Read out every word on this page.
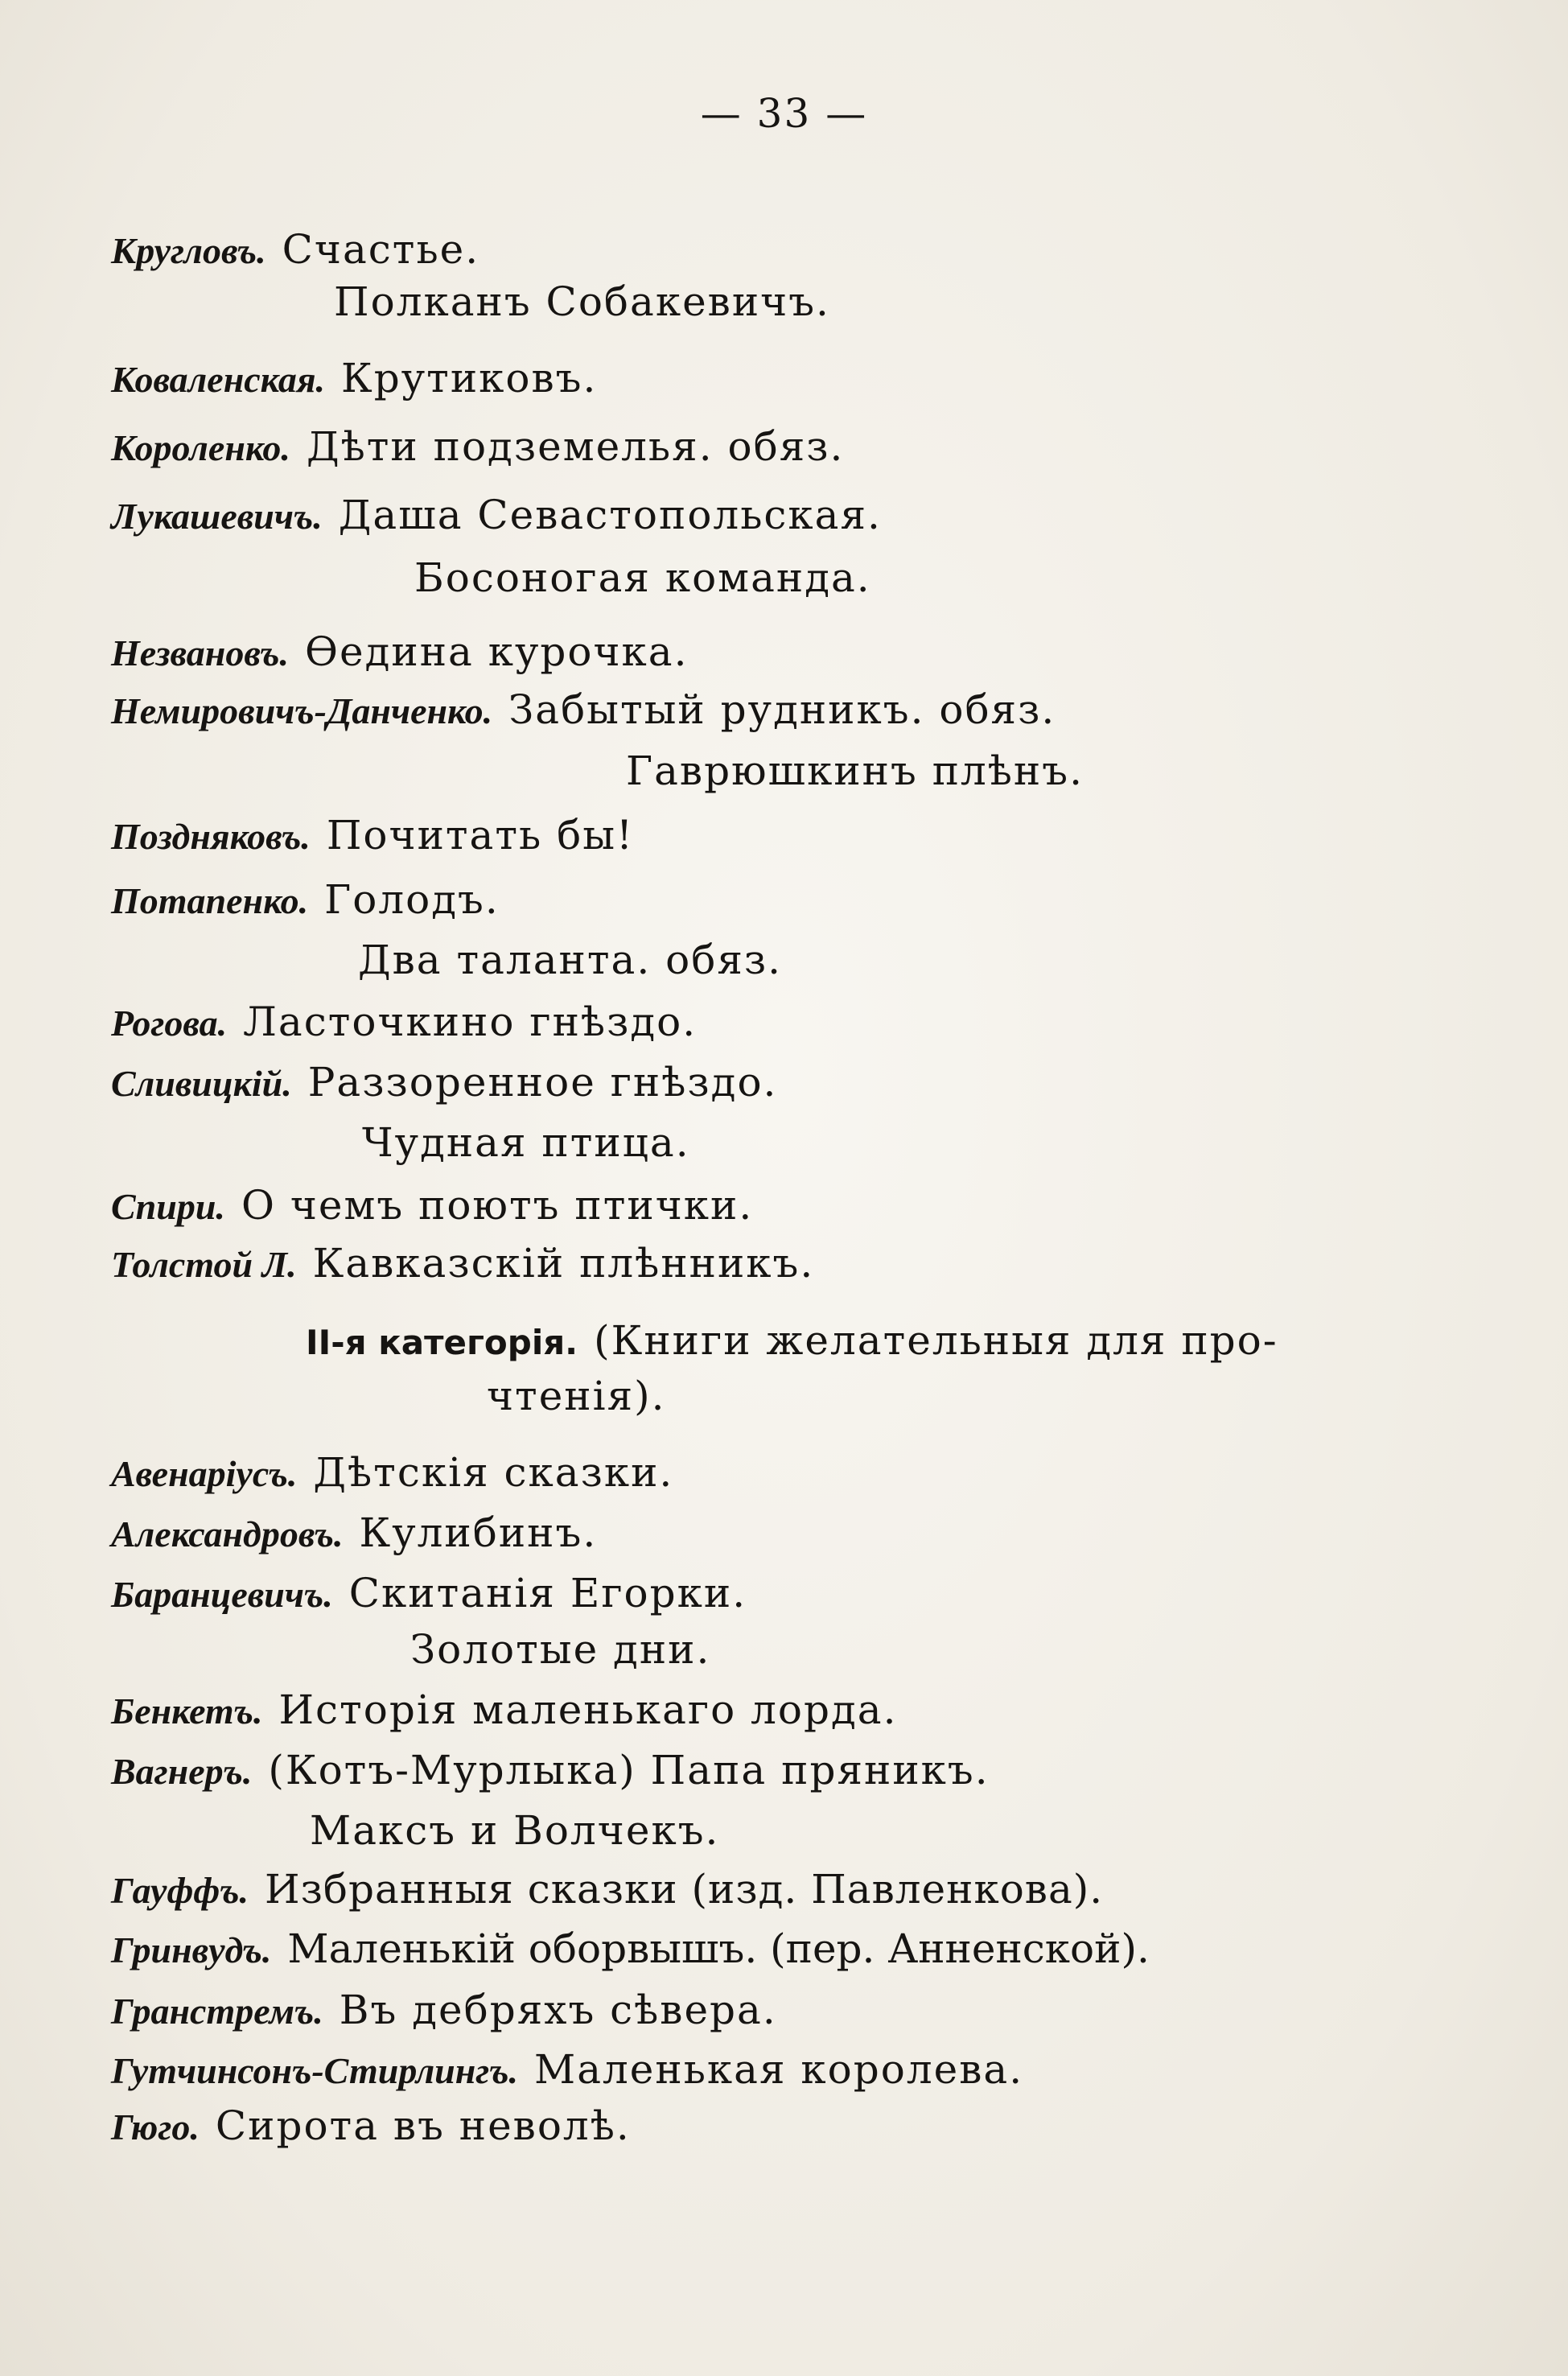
— 33 —
Кругловъ. Счастье.
Полканъ Собакевичъ.
Коваленская. Крутиковъ.
Короленко. Дѣти подземелья. обяз.
Лукашевичъ. Даша Севастопольская.
Босоногая команда.
Незвановъ. Ѳедина курочка.
Немировичъ-Данченко. Забытый рудникъ. обяз.
Гаврюшкинъ плѣнъ.
Поздняковъ. Почитать бы!
Потапенко. Голодъ.
Два таланта. обяз.
Рогова. Ласточкино гнѣздо.
Сливицкій. Раззоренное гнѣздо.
Чудная птица.
Спири. О чемъ поютъ птички.
Толстой Л. Кавказскій плѣнникъ.
II-я категорія. (Книги желательныя для про-
чтенія).
Авенаріусъ. Дѣтскія сказки.
Александровъ. Кулибинъ.
Баранцевичъ. Скитанія Егорки.
Золотые дни.
Бенкетъ. Исторія маленькаго лорда.
Вагнеръ. (Котъ-Мурлыка) Папа пряникъ.
Максъ и Волчекъ.
Гауффъ. Избранныя сказки (изд. Павленкова).
Гринвудъ. Маленькій оборвышъ. (пер. Анненской).
Гранстремъ. Въ дебряхъ сѣвера.
Гутчинсонъ-Стирлингъ. Маленькая королева.
Гюго. Сирота въ неволѣ.
